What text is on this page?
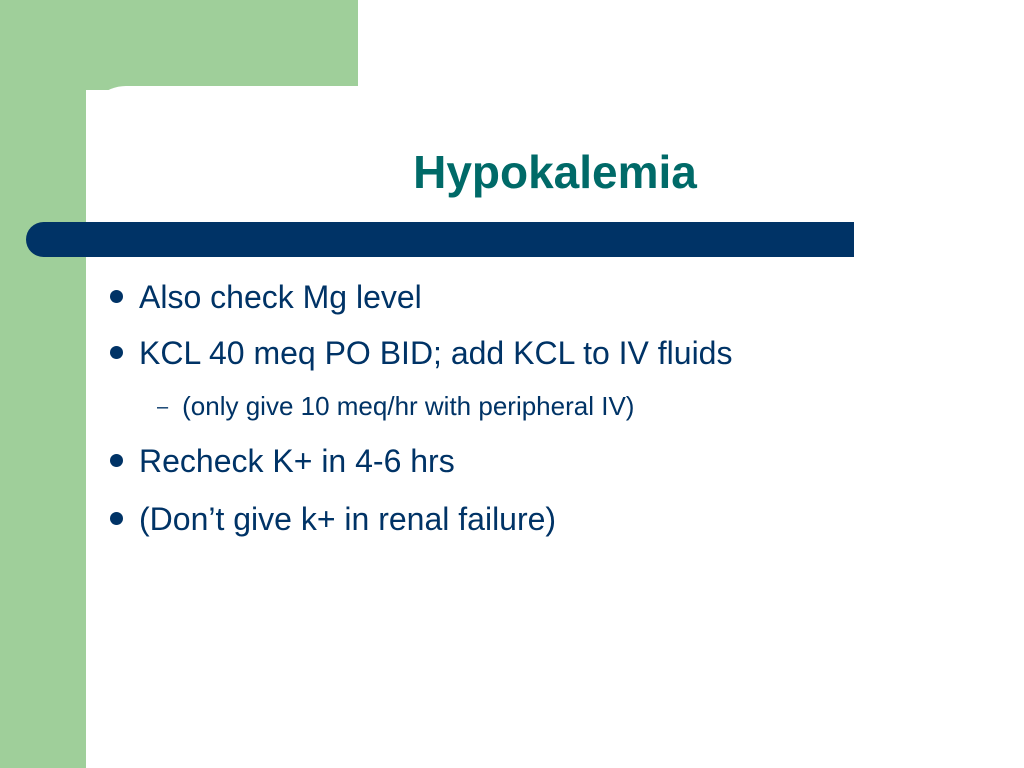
Hypokalemia
Also check Mg level
KCL 40 meq PO BID; add KCL to IV fluids
– (only give 10 meq/hr with peripheral IV)
Recheck K+ in 4-6 hrs
(Don’t give k+ in renal failure)
